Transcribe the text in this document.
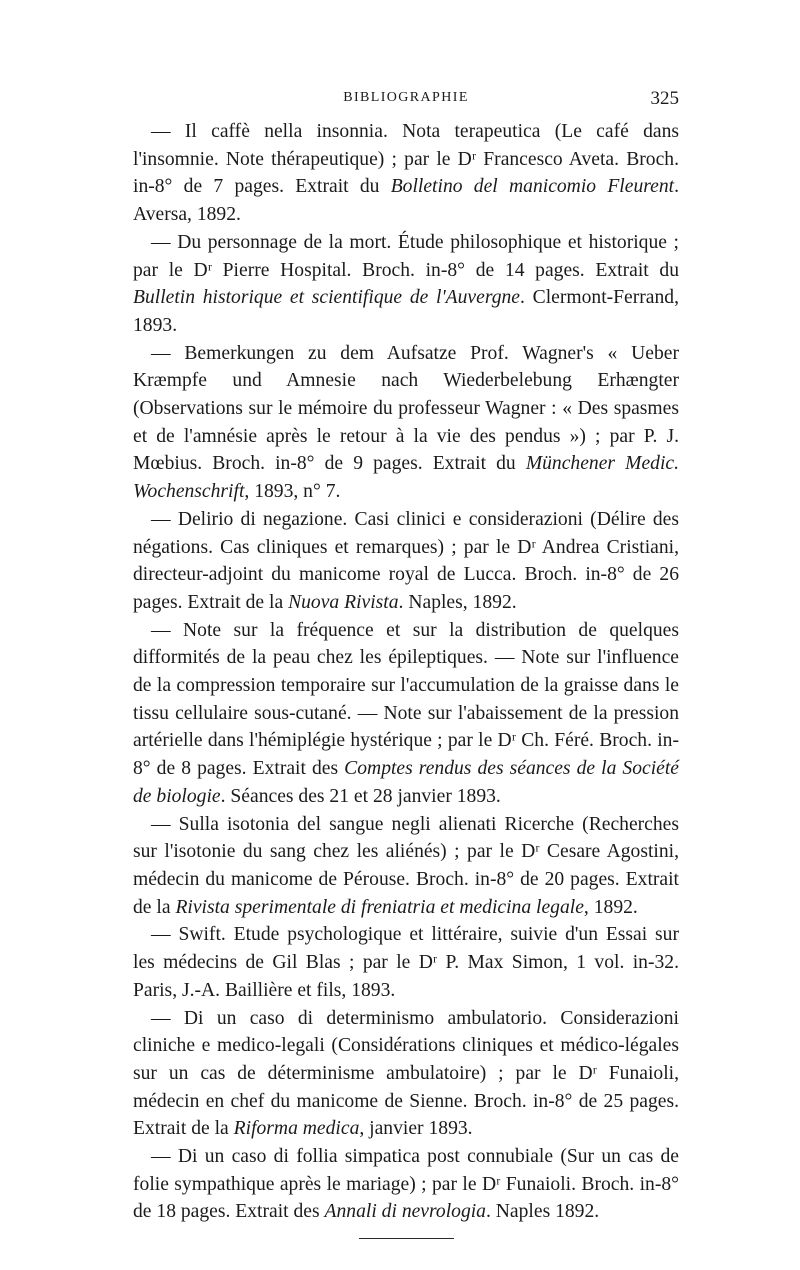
BIBLIOGRAPHIE	325

— Il caffè nella insonnia. Nota terapeutica (Le café dans l'insomnie. Note thérapeutique) ; par le Dʳ Francesco Aveta. Broch. in-8° de 7 pages. Extrait du Bolletino del manicomio Fleurent. Aversa, 1892.

— Du personnage de la mort. Étude philosophique et historique ; par le Dʳ Pierre Hospital. Broch. in-8° de 14 pages. Extrait du Bulletin historique et scientifique de l'Auvergne. Clermont-Ferrand, 1893.

— Bemerkungen zu dem Aufsatze Prof. Wagner's « Ueber Kræmpfe und Amnesie nach Wiederbelebung Erhængter (Observations sur le mémoire du professeur Wagner : « Des spasmes et de l'amnésie après le retour à la vie des pendus ») ; par P. J. Mœbius. Broch. in-8° de 9 pages. Extrait du Münchener Medic. Wochenschrift, 1893, n° 7.

— Delirio di negazione. Casi clinici e considerazioni (Délire des négations. Cas cliniques et remarques) ; par le Dʳ Andrea Cristiani, directeur-adjoint du manicome royal de Lucca. Broch. in-8° de 26 pages. Extrait de la Nuova Rivista. Naples, 1892.

— Note sur la fréquence et sur la distribution de quelques difformités de la peau chez les épileptiques. — Note sur l'influence de la compression temporaire sur l'accumulation de la graisse dans le tissu cellulaire sous-cutané. — Note sur l'abaissement de la pression artérielle dans l'hémiplégie hystérique ; par le Dʳ Ch. Féré. Broch. in-8° de 8 pages. Extrait des Comptes rendus des séances de la Société de biologie. Séances des 21 et 28 janvier 1893.

— Sulla isotonia del sangue negli alienati Ricerche (Recherches sur l'isotonie du sang chez les aliénés) ; par le Dʳ Cesare Agostini, médecin du manicome de Pérouse. Broch. in-8° de 20 pages. Extrait de la Rivista sperimentale di freniatria et medicina legale, 1892.

— Swift. Etude psychologique et littéraire, suivie d'un Essai sur les médecins de Gil Blas ; par le Dʳ P. Max Simon, 1 vol. in-32. Paris, J.-A. Baillière et fils, 1893.

— Di un caso di determinismo ambulatorio. Considerazioni cliniche e medico-legali (Considérations cliniques et médico-légales sur un cas de déterminisme ambulatoire) ; par le Dʳ Funaioli, médecin en chef du manicome de Sienne. Broch. in-8° de 25 pages. Extrait de la Riforma medica, janvier 1893.

— Di un caso di follia simpatica post connubiale (Sur un cas de folie sympathique après le mariage) ; par le Dʳ Funaioli. Broch. in-8° de 18 pages. Extrait des Annali di nevrologia. Naples 1892.
